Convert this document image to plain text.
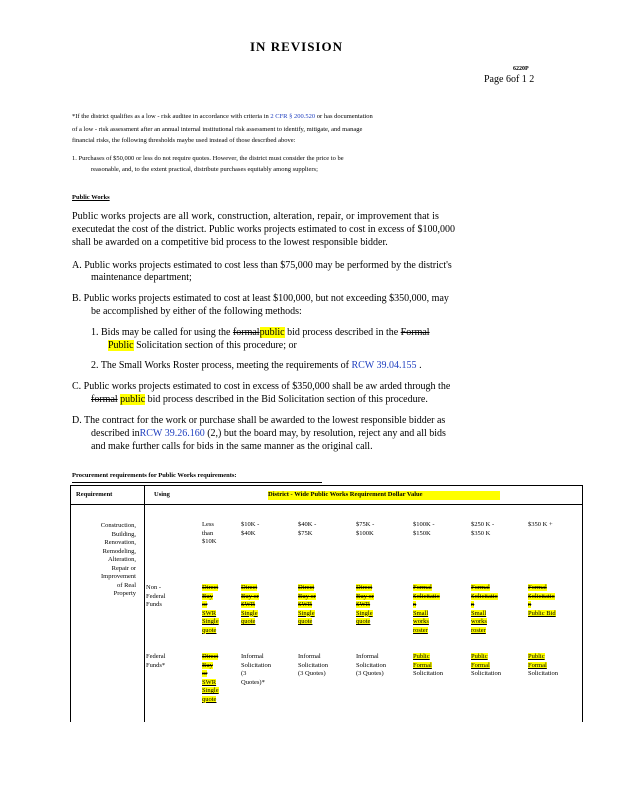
IN REVISION
6220P
Page 6of 1 2
*If the district qualifies as a low - risk auditee in accordance with criteria in 2 CFR § 200.520 or has documentation
of a low - risk assessment after an annual internal institutional risk assessment to identify, mitigate, and manage
financial risks, the following thresholds maybe used instead of those described above:
1. Purchases of $50,000 or less do not require quotes. However, the district must consider the price to be
reasonable, and, to the extent practical, distribute purchases equitably among suppliers;
Public Works
Public works projects are all work, construction, alteration, repair, or improvement that is
executedat the cost of the district. Public works projects estimated to cost in excess of $100,000
shall be awarded on a competitive bid process to the lowest responsible bidder.
A. Public works projects estimated to cost less than $75,000 may be performed by the district's
maintenance department;
B. Public works projects estimated to cost at least $100,000, but not exceeding $350,000, may
be accomplished by either of the following methods:
1. Bids may be called for using the formalpublic bid process described in the Formal
Public Solicitation section of this procedure; or
2. The Small Works Roster process, meeting the requirements of RCW 39.04.155 .
C. Public works projects estimated to cost in excess of $350,000 shall be aw arded through the
formal public bid process described in the Bid Solicitation section of this procedure.
D. The contract for the work or purchase shall be awarded to the lowest responsible bidder as
described inRCW 39.26.160 (2,) but the board may, by resolution, reject any and all bids
and make further calls for bids in the same manner as the original call.
Procurement requirements for Public Works requirements:
Requirement	Using	District - Wide Public Works Requirement Dollar Value
Construction,
Building,
Renovation,
Remodeling,
Alteration,
Repair or
Improvement
of Real
Property
Non -
Federal
Funds
Federal
Funds*
Less
than
$10K
$10K -
$40K
$40K -
$75K
$75K -
$100K
$100K -
$150K
$250 K -
$350 K
$350 K +
Direct
Buy
or
SWR
Single
quote
Direct
Buy or
SWR
Single
quote
Direct
Buy or
SWR
Single
quote
Direct
Buy or
SWR
Single
quote
Formal
Solicitatio
n
Small
works
roster
Formal
Solicitatio
n
Small
works
roster
Formal
Solicitatio
n
Public Bid
Direct
Buy
or
SWR
Single
quote
Informal
Solicitation
(3
Quotes)*
Informal
Solicitation
(3 Quotes)
Informal
Solicitation
(3 Quotes)
Public
Formal
Solicitation
Public
Formal
Solicitation
Public
Formal
Solicitation
